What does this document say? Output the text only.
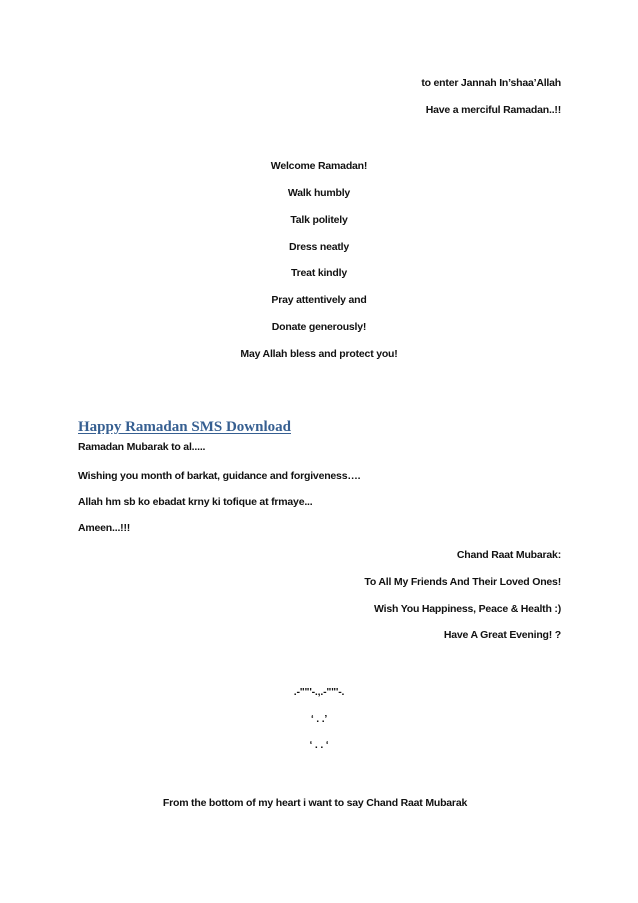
to enter Jannah In’shaa’Allah
Have a merciful Ramadan..!!
Welcome Ramadan!
Walk humbly
Talk politely
Dress neatly
Treat kindly
Pray attentively and
Donate generously!
May Allah bless and protect you!
Happy Ramadan SMS Download
Ramadan Mubarak to al.....
Wishing you month of barkat, guidance and forgiveness….
Allah hm sb ko ebadat krny ki tofique at frmaye...
Ameen...!!!
Chand Raat Mubarak:
To All My Friends And Their Loved Ones!
Wish You Happiness, Peace & Health :)
Have A Great Evening! ?
.-""'-.,.-""'-.
‘ . .’
‘ . . ‘
From the bottom of my heart i want to say Chand Raat Mubarak
